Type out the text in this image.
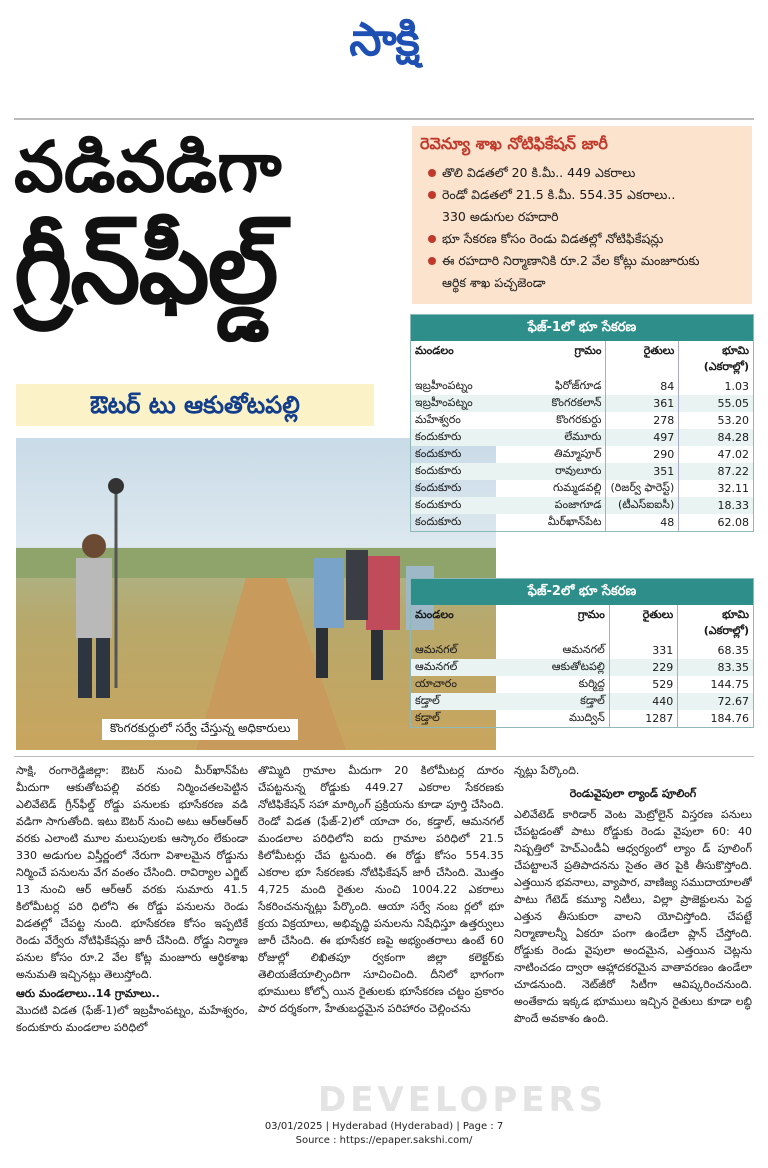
సాక్షి
వడివడిగా
గ్రీన్‌ఫీల్డ్
ఔటర్ టు ఆకుతోటపల్లి
కొంగరకుర్దులో సర్వే చేస్తున్న అధికారులు
రెవెన్యూ శాఖ నోటిఫికేషన్ జారీ
తొలి విడతలో 20 కి.మీ.. 449 ఎకరాలు
రెండో విడతలో 21.5 కి.మీ. 554.35 ఎకరాలు..
330 అడుగుల రహదారి
భూ సేకరణ కోసం రెండు విడతల్లో నోటిఫికేషన్లు
ఈ రహదారి నిర్మాణానికి రూ.2 వేల కోట్లు మంజూరుకు
ఆర్థిక శాఖ పచ్చజెండా
ఫేజ్-1లో భూ సేకరణ
మండలం	గ్రామం	రైతులు	భూమి (ఎకరాల్లో)
ఇబ్రహీంపట్నం	ఫిరోజ్‌గూడ	84	1.03
ఇబ్రహీంపట్నం	కొంగరకలాన్	361	55.05
మహేశ్వరం	కొంగరకుర్దు	278	53.20
కందుకూరు	లేమూరు	497	84.28
కందుకూరు	తిమ్మాపూర్	290	47.02
కందుకూరు	రావులూరు	351	87.22
కందుకూరు	గుమ్మడవల్లి	(రిజర్వ్ ఫారెస్ట్)	32.11
కందుకూరు	పంజాగూడ	(టీఎస్ఐఐసీ)	18.33
కందుకూరు	మీర్‌ఖాన్‌పేట	48	62.08
ఫేజ్-2లో భూ సేకరణ
మండలం	గ్రామం	రైతులు	భూమి (ఎకరాల్లో)
ఆమనగల్	ఆమనగల్	331	68.35
ఆమనగల్	ఆకుతోటపల్లి	229	83.35
యాచారం	కుర్మిద్ద	529	144.75
కడ్తాల్	కడ్తాల్	440	72.67
కడ్తాల్	ముద్విన్	1287	184.76
సాక్షి, రంగారెడ్డిజిల్లా: ఔటర్ నుంచి మీర్‌ఖాన్‌పేట మీదుగా ఆకుతోటపల్లి వరకు నిర్మించతలపెట్టిన ఎలివేటెడ్ గ్రీన్‌ఫీల్డ్ రోడ్డు పనులకు భూసేకరణ వడి వడిగా సాగుతోంది. ఇటు ఔటర్ నుంచి అటు ఆర్ఆర్ఆర్ వరకు ఎలాంటి మూల మలుపులకు ఆస్కారం లేకుండా 330 అడుగుల విస్తీర్ణంలో నేరుగా విశాలమైన రోడ్డును నిర్మించే పనులను వేగ వంతం చేసింది. రావిర్యాల ఎగ్జిట్ 13 నుంచి ఆర్ ఆర్ఆర్ వరకు సుమారు 41.5 కిలోమీటర్ల పరి ధిలోని ఈ రోడ్డు పనులను రెండు విడతల్లో చేపట్ట నుంది. భూసేకరణ కోసం ఇప్పటికే రెండు వేర్వేరు నోటిఫికేషన్లు జారీ చేసింది. రోడ్డు నిర్మాణ పనుల కోసం రూ.2 వేల కోట్ల మంజూరు ఆర్థికశాఖ అనుమతి ఇచ్చినట్లు తెలుస్తోంది.
ఆరు మండలాలు..14 గ్రామాలు..
మొదటి విడత (ఫేజ్-1)లో ఇబ్రహీంపట్నం, మహేశ్వరం, కందుకూరు మండలాల పరిధిలో
తొమ్మిది గ్రామాల మీదుగా 20 కిలోమీటర్ల దూరం చేపట్టనున్న రోడ్డుకు 449.27 ఎకరాల సేకరణకు నోటిఫికేషన్ సహా మార్కింగ్ ప్రక్రియను కూడా పూర్తి చేసింది. రెండో విడత (ఫేజ్-2)లో యాచా రం, కడ్తాల్, ఆమనగల్ మండలాల పరిధిలోని ఐదు గ్రామాల పరిధిలో 21.5 కిలోమీటర్లు చేప ట్టనుంది. ఈ రోడ్డు కోసం 554.35 ఎకరాల భూ సేకరణకు నోటిఫికేషన్ జారీ చేసింది. మొత్తం 4,725 మంది రైతుల నుంచి 1004.22 ఎకరాలు సేకరించనున్నట్లు పేర్కొంది. ఆయా సర్వే నంబ ర్లలో భూ క్రయ విక్రయాలు, అభివృద్ధి పనులను నిషేధిస్తూ ఉత్తర్వులు జారీ చేసింది. ఈ భూసేకర ణపై అభ్యంతరాలు ఉంటే 60 రోజుల్లో లిఖితపూ ర్వకంగా జిల్లా కలెక్టర్‌కు తెలియజేయాల్సిందిగా సూచించింది. దీనిలో భాగంగా భూములు కోల్పో యిన రైతులకు భూసేకరణ చట్టం ప్రకారం పార దర్శకంగా, హేతుబద్ధమైన పరిహారం చెల్లించను
న్నట్లు పేర్కొంది.
రెండువైపులా ల్యాండ్ పూలింగ్
ఎలివేటెడ్ కారిడార్ వెంట మెట్రోలైన్ విస్తరణ పనులు చేపట్టడంతో పాటు రోడ్డుకు రెండు వైపులా 60: 40 నిష్పత్తిలో హెచ్ఎండీఏ ఆధ్వర్యంలో ల్యాం డ్ పూలింగ్ చేపట్టాలనే ప్రతిపాదనను సైతం తెర పైకి తీసుకొస్తోంది. ఎత్తయిన భవనాలు, వ్యాపార, వాణిజ్య సముదాయాలతో పాటు గేటెడ్ కమ్యూ నిటీలు, విల్లా ప్రాజెక్టులను పెద్ద ఎత్తున తీసుకురా వాలని యోచిస్తోంది. చేపట్టే నిర్మాణాలన్నీ ఏకరూ పంగా ఉండేలా ప్లాన్ చేస్తోంది. రోడ్డుకు రెండు వైపులా అందమైన, ఎత్తయిన చెట్లను నాటించడం ద్వారా ఆహ్లాదకరమైన వాతావరణం ఉండేలా చూడనుంది. నెట్‌జీరో సిటీగా ఆవిష్కరించనుంది. అంతేకాదు ఇక్కడ భూములు ఇచ్చిన రైతులు కూడా లబ్ధి పొందే అవకాశం ఉంది.
DEVELOPERS
03/01/2025 | Hyderabad (Hyderabad) | Page : 7
Source : https://epaper.sakshi.com/
